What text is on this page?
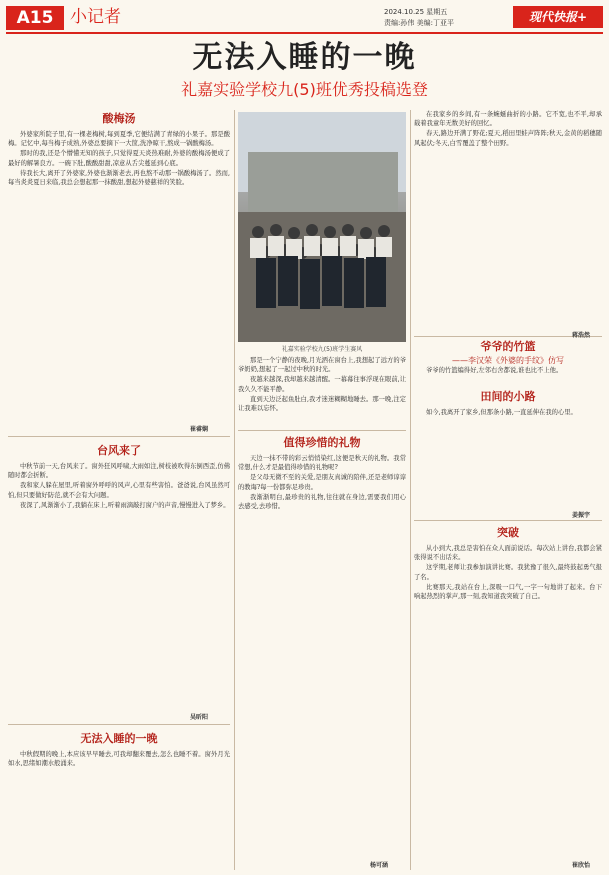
A15 小记者	2024.10.25 星期五
责编:孙伟 美编:丁亚平	现代快报+
无法入睡的一晚
礼嘉实验学校九(5)班优秀投稿选登
酸梅汤

外婆家所院子里,有一棵老梅树,每到夏季,它便结满了青绿的小果子。那是酸梅。记忆中,每当梅子成熟,外婆总要摘下一大筐,洗净晾干,熬成一锅酸梅汤。

那时的我,还是个懵懂无知的孩子,只觉得夏天炎热难耐,外婆的酸梅汤便成了最好的解暑良方。一碗下肚,酸酸甜甜,凉意从舌尖蔓延到心底。

待我长大,离开了外婆家,外婆也渐渐老去,再也熬不动那一锅酸梅汤了。然而,每当炎炎夏日来临,我总会想起那一抹酸甜,想起外婆慈祥的笑脸。

崔睿娴
台风来了

中秋节前一天,台风来了。窗外狂风呼啸,大雨如注,树枝被吹得东倒西歪,仿佛随时都会折断。

我和家人躲在屋里,听着窗外呼呼的风声,心里有些害怕。爸爸说,台风虽然可怕,但只要做好防范,就不会有大问题。

夜深了,风渐渐小了,我躺在床上,听着雨滴敲打窗户的声音,慢慢进入了梦乡。

吴昕阳
无法入睡的一晚

中秋假期的晚上,本应该早早睡去,可我却翻来覆去,怎么也睡不着。窗外月光如水,思绪如潮水般涌来。

礼嘉实验学校九(5)班学生赛风

那是一个宁静的夜晚,月光洒在窗台上,我想起了远方的爷爷奶奶,想起了一起过中秋的时光。

夜越来越深,我却越来越清醒。一幕幕往事浮现在眼前,让我久久不能平静。

直到天边泛起鱼肚白,我才迷迷糊糊地睡去。那一晚,注定让我难以忘怀。

值得珍惜的礼物

天边一抹不带的彩云悄悄染红,这便是秋天的礼物。我常常想,什么才是最值得珍惜的礼物呢?

是父母无微不至的关爱,是朋友真诚的陪伴,还是老师谆谆的教诲?每一份都弥足珍贵。

我渐渐明白,最珍贵的礼物,往往就在身边,需要我们用心去感受,去珍惜。

杨可涵

在我家乡的乡间,有一条蜿蜒曲折的小路。它不宽,也不平,却承载着我童年无数美好的回忆。

春天,路边开满了野花;夏天,稻田里蛙声阵阵;秋天,金黄的稻穗随风起伏;冬天,白雪覆盖了整个田野。

田间的小路

如今,我离开了家乡,但那条小路,一直延伸在我的心里。

姜振宇
突破

从小到大,我总是害怕在众人面前说话。每次站上讲台,我都会紧张得说不出话来。

这学期,老师让我参加演讲比赛。我犹豫了很久,最终鼓起勇气报了名。

比赛那天,我站在台上,深吸一口气,一字一句地讲了起来。台下响起热烈的掌声,那一刻,我知道我突破了自己。

崔欣怡
爷爷的竹篮
——李汉荣《外婆的手纹》仿写

爷爷的竹篮编得好,左邻右舍都说,谁也比不上他。

蒋浩然
